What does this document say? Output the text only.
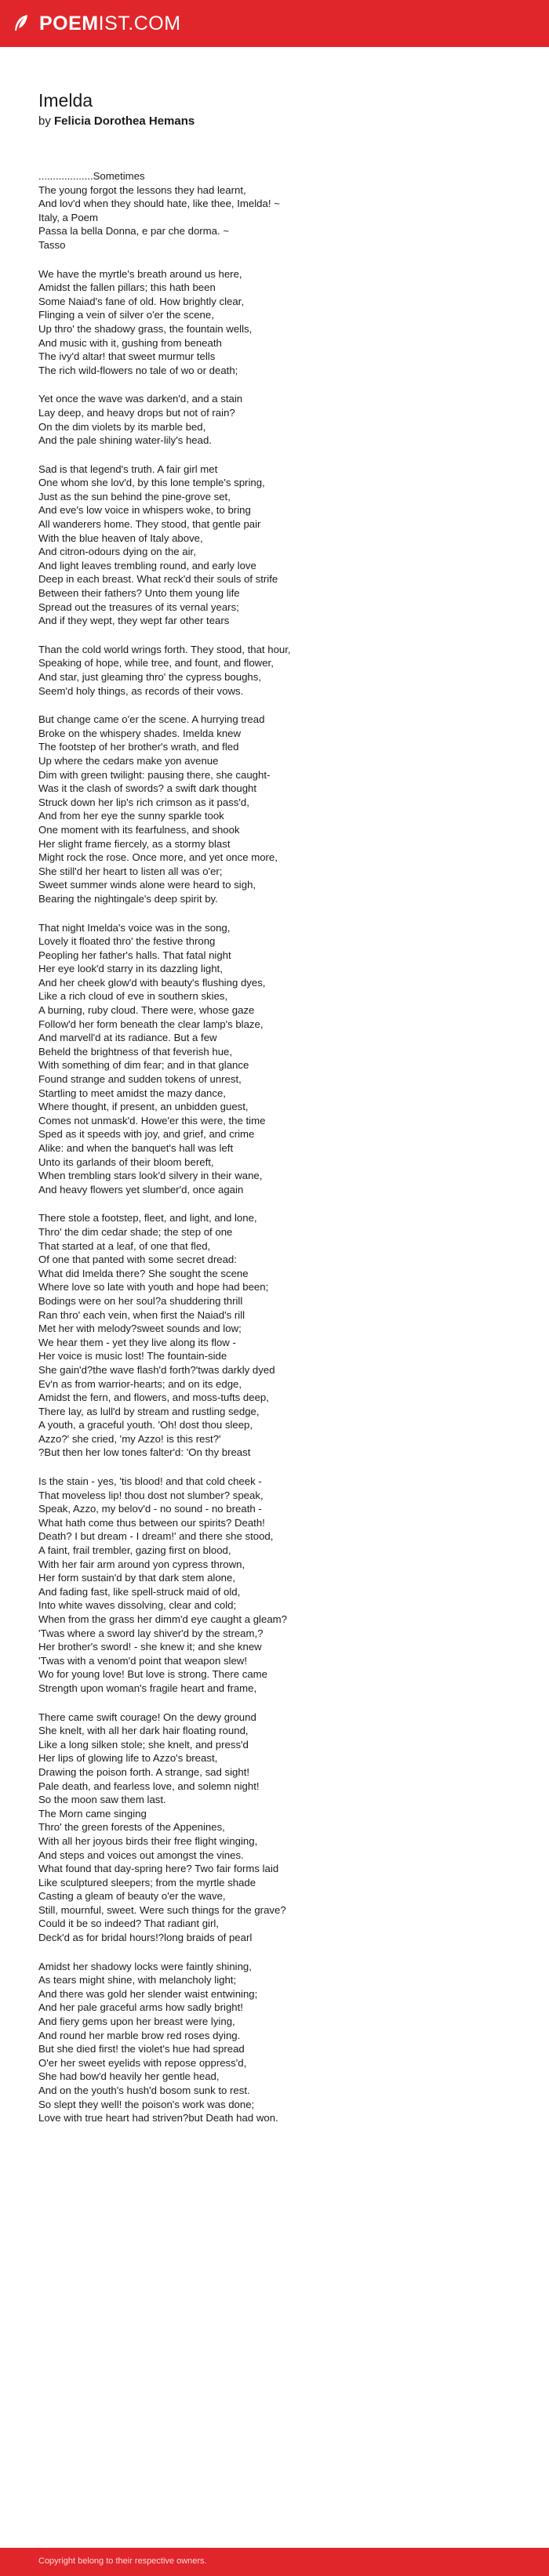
POEMIST.COM
Imelda
by Felicia Dorothea Hemans
...................Sometimes
The young forgot the lessons they had learnt,
And lov'd when they should hate, like thee, Imelda! ~
Italy, a Poem
Passa la bella Donna, e par che dorma. ~
Tasso
We have the myrtle's breath around us here,
Amidst the fallen pillars; this hath been
Some Naiad's fane of old. How brightly clear,
Flinging a vein of silver o'er the scene,
Up thro' the shadowy grass, the fountain wells,
And music with it, gushing from beneath
The ivy'd altar! that sweet murmur tells
The rich wild-flowers no tale of wo or death;
Yet once the wave was darken'd, and a stain
Lay deep, and heavy drops but not of rain?
On the dim violets by its marble bed,
And the pale shining water-lily's head.
Sad is that legend's truth. A fair girl met
One whom she lov'd, by this lone temple's spring,
Just as the sun behind the pine-grove set,
And eve's low voice in whispers woke, to bring
All wanderers home. They stood, that gentle pair
With the blue heaven of Italy above,
And citron-odours dying on the air,
And light leaves trembling round, and early love
Deep in each breast. What reck'd their souls of strife
Between their fathers? Unto them young life
Spread out the treasures of its vernal years;
And if they wept, they wept far other tears
Than the cold world wrings forth. They stood, that hour,
Speaking of hope, while tree, and fount, and flower,
And star, just gleaming thro' the cypress boughs,
Seem'd holy things, as records of their vows.
But change came o'er the scene. A hurrying tread
Broke on the whispery shades. Imelda knew
The footstep of her brother's wrath, and fled
Up where the cedars make yon avenue
Dim with green twilight: pausing there, she caught-
Was it the clash of swords? a swift dark thought
Struck down her lip's rich crimson as it pass'd,
And from her eye the sunny sparkle took
One moment with its fearfulness, and shook
Her slight frame fiercely, as a stormy blast
Might rock the rose. Once more, and yet once more,
She still'd her heart to listen all was o'er;
Sweet summer winds alone were heard to sigh,
Bearing the nightingale's deep spirit by.
That night Imelda's voice was in the song,
Lovely it floated thro' the festive throng
Peopling her father's halls. That fatal night
Her eye look'd starry in its dazzling light,
And her cheek glow'd with beauty's flushing dyes,
Like a rich cloud of eve in southern skies,
A burning, ruby cloud. There were, whose gaze
Follow'd her form beneath the clear lamp's blaze,
And marvell'd at its radiance. But a few
Beheld the brightness of that feverish hue,
With something of dim fear; and in that glance
Found strange and sudden tokens of unrest,
Startling to meet amidst the mazy dance,
Where thought, if present, an unbidden guest,
Comes not unmask'd. Howe'er this were, the time
Sped as it speeds with joy, and grief, and crime
Alike: and when the banquet's hall was left
Unto its garlands of their bloom bereft,
When trembling stars look'd silvery in their wane,
And heavy flowers yet slumber'd, once again
There stole a footstep, fleet, and light, and lone,
Thro' the dim cedar shade; the step of one
That started at a leaf, of one that fled,
Of one that panted with some secret dread:
What did Imelda there? She sought the scene
Where love so late with youth and hope had been;
Bodings were on her soul?a shuddering thrill
Ran thro' each vein, when first the Naiad's rill
Met her with melody?sweet sounds and low;
We hear them - yet they live along its flow -
Her voice is music lost! The fountain-side
She gain'd?the wave flash'd forth?'twas darkly dyed
Ev'n as from warrior-hearts; and on its edge,
Amidst the fern, and flowers, and moss-tufts deep,
There lay, as lull'd by stream and rustling sedge,
A youth, a graceful youth. 'Oh! dost thou sleep,
Azzo?' she cried, 'my Azzo! is this rest?'
?But then her low tones falter'd: 'On thy breast
Is the stain - yes, 'tis blood! and that cold cheek -
That moveless lip! thou dost not slumber? speak,
Speak, Azzo, my belov'd - no sound - no breath -
What hath come thus between our spirits? Death!
Death? I but dream - I dream!' and there she stood,
A faint, frail trembler, gazing first on blood,
With her fair arm around yon cypress thrown,
Her form sustain'd by that dark stem alone,
And fading fast, like spell-struck maid of old,
Into white waves dissolving, clear and cold;
When from the grass her dimm'd eye caught a gleam?
'Twas where a sword lay shiver'd by the stream,?
Her brother's sword! - she knew it; and she knew
'Twas with a venom'd point that weapon slew!
Wo for young love! But love is strong. There came
Strength upon woman's fragile heart and frame,
There came swift courage! On the dewy ground
She knelt, with all her dark hair floating round,
Like a long silken stole; she knelt, and press'd
Her lips of glowing life to Azzo's breast,
Drawing the poison forth. A strange, sad sight!
Pale death, and fearless love, and solemn night!
So the moon saw them last.
The Morn came singing
Thro' the green forests of the Appenines,
With all her joyous birds their free flight winging,
And steps and voices out amongst the vines.
What found that day-spring here? Two fair forms laid
Like sculptured sleepers; from the myrtle shade
Casting a gleam of beauty o'er the wave,
Still, mournful, sweet. Were such things for the grave?
Could it be so indeed? That radiant girl,
Deck'd as for bridal hours!?long braids of pearl
Amidst her shadowy locks were faintly shining,
As tears might shine, with melancholy light;
And there was gold her slender waist entwining;
And her pale graceful arms how sadly bright!
And fiery gems upon her breast were lying,
And round her marble brow red roses dying.
But she died first! the violet's hue had spread
O'er her sweet eyelids with repose oppress'd,
She had bow'd heavily her gentle head,
And on the youth's hush'd bosom sunk to rest.
So slept they well! the poison's work was done;
Love with true heart had striven?but Death had won.
Copyright belong to their respective owners.
